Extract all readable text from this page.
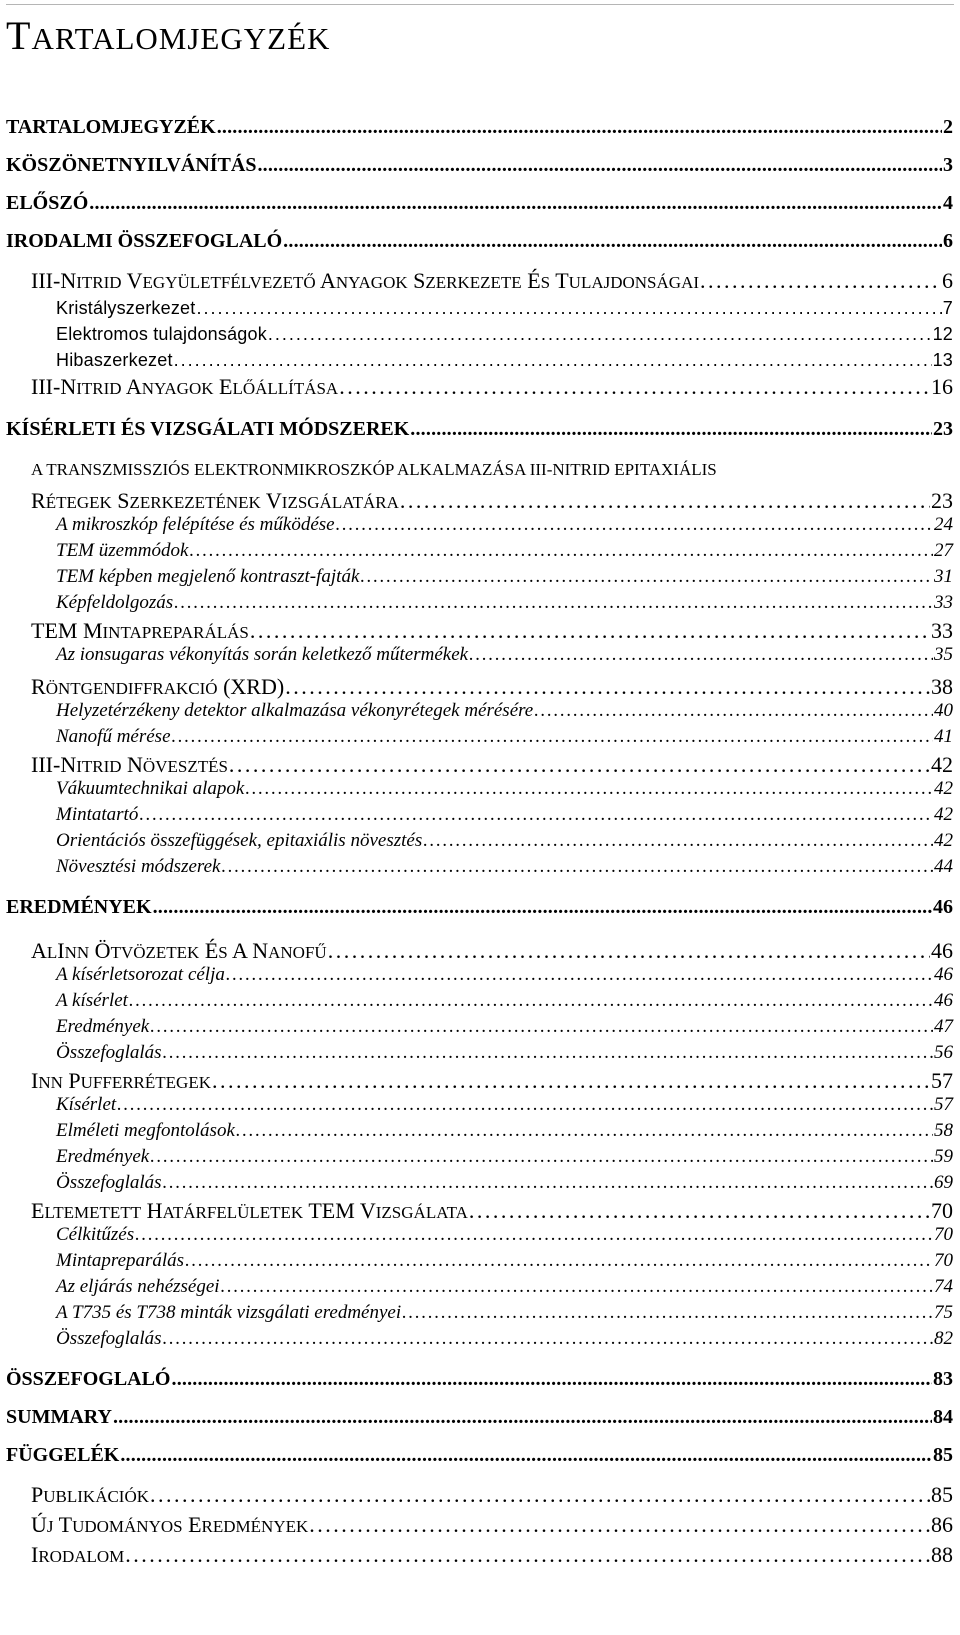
TARTALOMJEGYZÉK
TARTALOMJEGYZÉK . . .	2
KÖSZÖNETNYILVÁNÍTÁS . . .	3
ELŐSZÓ . . .	4
IRODALMI ÖSSZEFOGLALÓ . . .	6
III-NITRID VEGYÜLETFÉLVEZETŐ ANYAGOK SZERKEZETE ÉS TULAJDONSÁGAI . . .	6
Kristályszerkezet . . .	7
Elektromos tulajdonságok . . .	12
Hibaszerkezet . . .	13
III-NITRID ANYAGOK ELŐÁLLÍTÁSA . . .	16
KÍSÉRLETI ÉS VIZSGÁLATI MÓDSZEREK . . .	23
A TRANSZMISSZIÓS ELEKTRONMIKROSZKÓP ALKALMAZÁSA III-NITRID EPITAXIÁLIS
RÉTEGEK SZERKEZETÉNEK VIZSGÁLATÁRA . . .	23
A mikroszkóp felépítése és működése . . .	24
TEM üzemmódok . . .	27
TEM képben megjelenő kontraszt-fajták . . .	31
Képfeldolgozás . . .	33
TEM MINTAPREPARÁLÁS . . .	33
Az ionsugaras vékonyítás során keletkező műtermékek . . .	35
RÖNTGENDIFFRAKCIÓ (XRD) . . .	38
Helyzetérzékeny detektor alkalmazása vékonyrétegek mérésére . . .	40
Nanofű mérése . . .	41
III-NITRID NÖVESZTÉS . . .	42
Vákuumtechnikai alapok . . .	42
Mintatartó . . .	42
Orientációs összefüggések, epitaxiális növesztés . . .	42
Növesztési módszerek . . .	44
EREDMÉNYEK . . .	46
ALINN ÖTVÖZETEK ÉS A NANOFŰ . . .	46
A kísérletsorozat célja . . .	46
A kísérlet . . .	46
Eredmények . . .	47
Összefoglalás . . .	56
INN PUFFERRÉTEGEK . . .	57
Kísérlet . . .	57
Elméleti megfontolások . . .	58
Eredmények . . .	59
Összefoglalás . . .	69
ELTEMETETT HATÁRFELÜLETEK TEM VIZSGÁLATA . . .	70
Célkitűzés . . .	70
Mintapreparálás . . .	70
Az eljárás nehézségei . . .	74
A T735 és T738 minták vizsgálati eredményei . . .	75
Összefoglalás . . .	82
ÖSSZEFOGLALÓ . . .	83
SUMMARY . . .	84
FÜGGELÉK . . .	85
PUBLIKÁCIÓK . . .	85
ÚJ TUDOMÁNYOS EREDMÉNYEK . . .	86
IRODALOM . . .	88
